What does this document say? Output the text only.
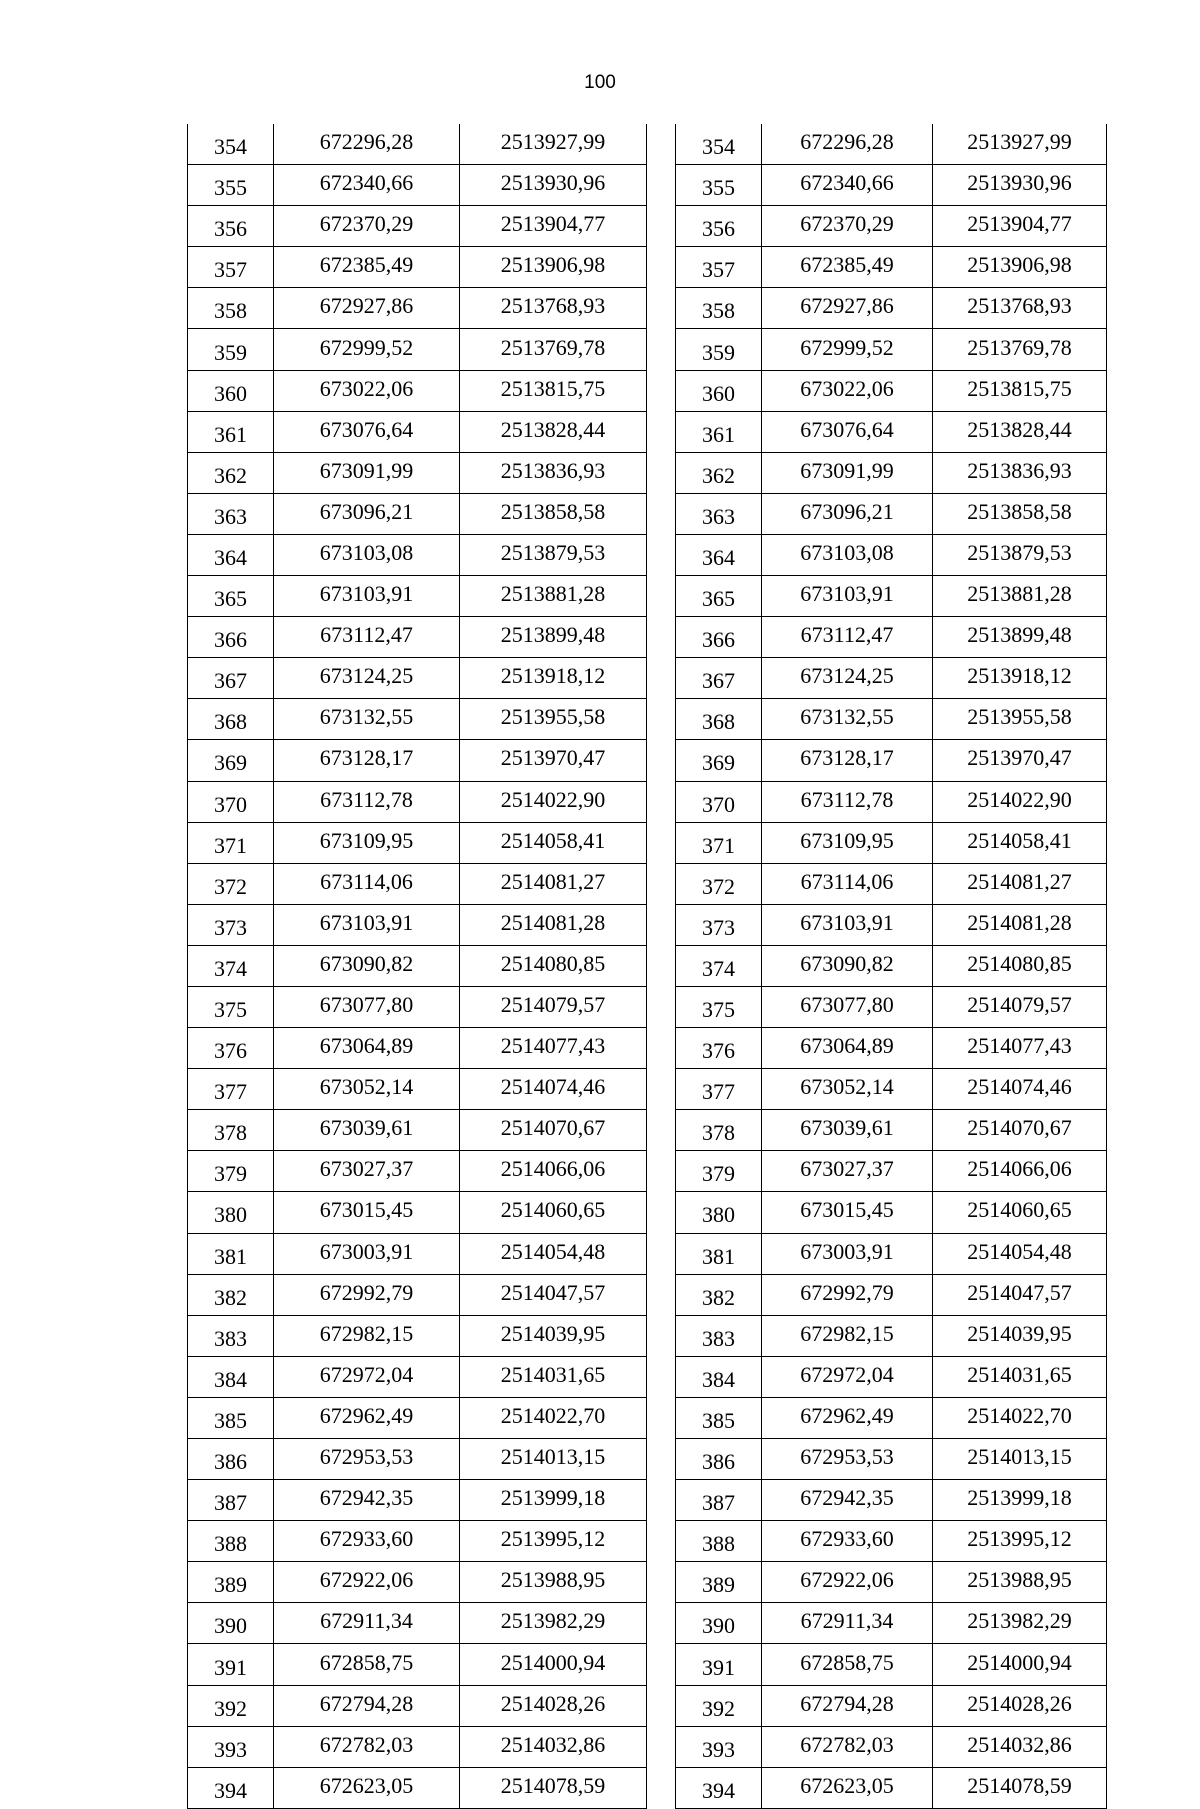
100
354	672296,28	2513927,99
355	672340,66	2513930,96
356	672370,29	2513904,77
357	672385,49	2513906,98
358	672927,86	2513768,93
359	672999,52	2513769,78
360	673022,06	2513815,75
361	673076,64	2513828,44
362	673091,99	2513836,93
363	673096,21	2513858,58
364	673103,08	2513879,53
365	673103,91	2513881,28
366	673112,47	2513899,48
367	673124,25	2513918,12
368	673132,55	2513955,58
369	673128,17	2513970,47
370	673112,78	2514022,90
371	673109,95	2514058,41
372	673114,06	2514081,27
373	673103,91	2514081,28
374	673090,82	2514080,85
375	673077,80	2514079,57
376	673064,89	2514077,43
377	673052,14	2514074,46
378	673039,61	2514070,67
379	673027,37	2514066,06
380	673015,45	2514060,65
381	673003,91	2514054,48
382	672992,79	2514047,57
383	672982,15	2514039,95
384	672972,04	2514031,65
385	672962,49	2514022,70
386	672953,53	2514013,15
387	672942,35	2513999,18
388	672933,60	2513995,12
389	672922,06	2513988,95
390	672911,34	2513982,29
391	672858,75	2514000,94
392	672794,28	2514028,26
393	672782,03	2514032,86
394	672623,05	2514078,59
354	672296,28	2513927,99
355	672340,66	2513930,96
356	672370,29	2513904,77
357	672385,49	2513906,98
358	672927,86	2513768,93
359	672999,52	2513769,78
360	673022,06	2513815,75
361	673076,64	2513828,44
362	673091,99	2513836,93
363	673096,21	2513858,58
364	673103,08	2513879,53
365	673103,91	2513881,28
366	673112,47	2513899,48
367	673124,25	2513918,12
368	673132,55	2513955,58
369	673128,17	2513970,47
370	673112,78	2514022,90
371	673109,95	2514058,41
372	673114,06	2514081,27
373	673103,91	2514081,28
374	673090,82	2514080,85
375	673077,80	2514079,57
376	673064,89	2514077,43
377	673052,14	2514074,46
378	673039,61	2514070,67
379	673027,37	2514066,06
380	673015,45	2514060,65
381	673003,91	2514054,48
382	672992,79	2514047,57
383	672982,15	2514039,95
384	672972,04	2514031,65
385	672962,49	2514022,70
386	672953,53	2514013,15
387	672942,35	2513999,18
388	672933,60	2513995,12
389	672922,06	2513988,95
390	672911,34	2513982,29
391	672858,75	2514000,94
392	672794,28	2514028,26
393	672782,03	2514032,86
394	672623,05	2514078,59
